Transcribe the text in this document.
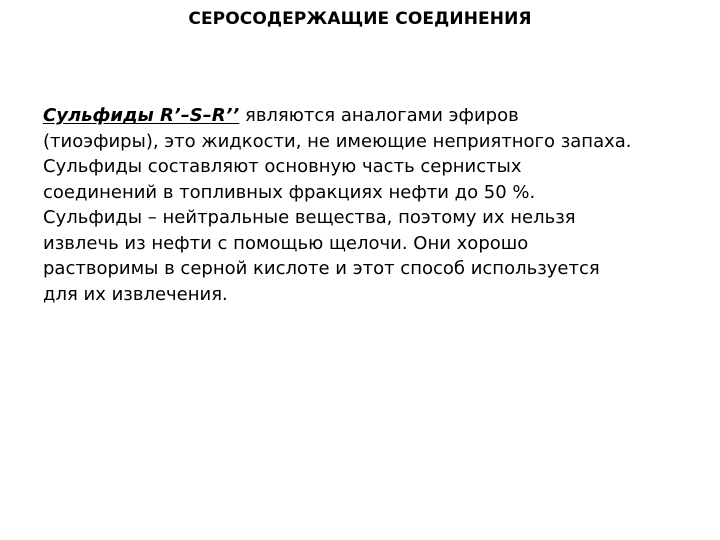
СЕРОСОДЕРЖАЩИЕ СОЕДИНЕНИЯ
Сульфиды R’–S–R’’ являются аналогами эфиров
(тиоэфиры), это жидкости, не имеющие неприятного запаха.
Сульфиды составляют основную часть сернистых
соединений в топливных фракциях нефти до 50 %.
Сульфиды – нейтральные вещества, поэтому их нельзя
извлечь из нефти с помощью щелочи. Они хорошо
растворимы в серной кислоте и этот способ используется
для их извлечения.
